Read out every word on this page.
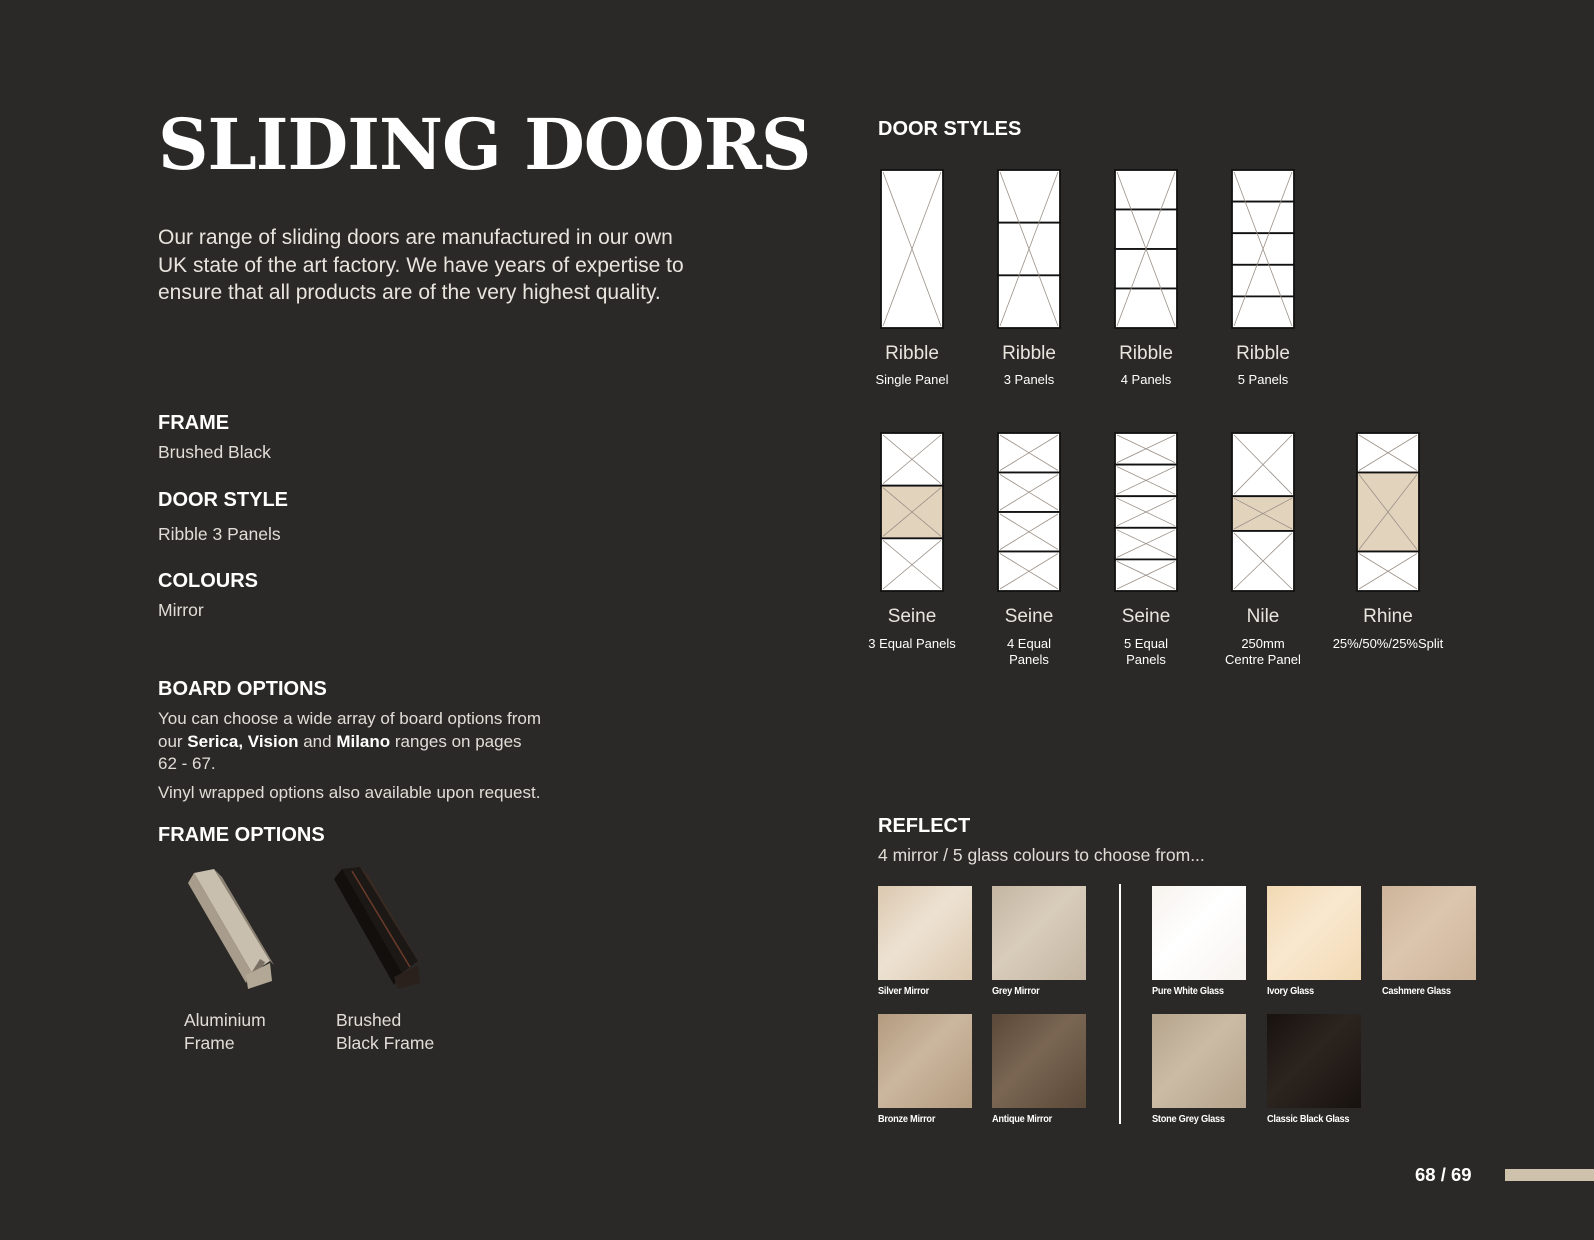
SLIDING DOORS
Our range of sliding doors are manufactured in our own
UK state of the art factory. We have years of expertise to
ensure that all products are of the very highest quality.
FRAME
Brushed Black
DOOR STYLE
Ribble 3 Panels
COLOURS
Mirror
BOARD OPTIONS
You can choose a wide array of board options from
our Serica, Vision and Milano ranges on pages
62 - 67.
Vinyl wrapped options also available upon request.
FRAME OPTIONS
Aluminium
Frame
Brushed
Black Frame
DOOR STYLES
Ribble
Single Panel
Ribble
3 Panels
Ribble
4 Panels
Ribble
5 Panels
Seine
3 Equal Panels
Seine
4 Equal
Panels
Seine
5 Equal
Panels
Nile
250mm
Centre Panel
Rhine
25%/50%/25%Split
REFLECT
4 mirror / 5 glass colours to choose from...
Silver Mirror	Grey Mirror
Bronze Mirror	Antique Mirror
Pure White Glass	Ivory Glass	Cashmere Glass
Stone Grey Glass	Classic Black Glass
68 / 69
